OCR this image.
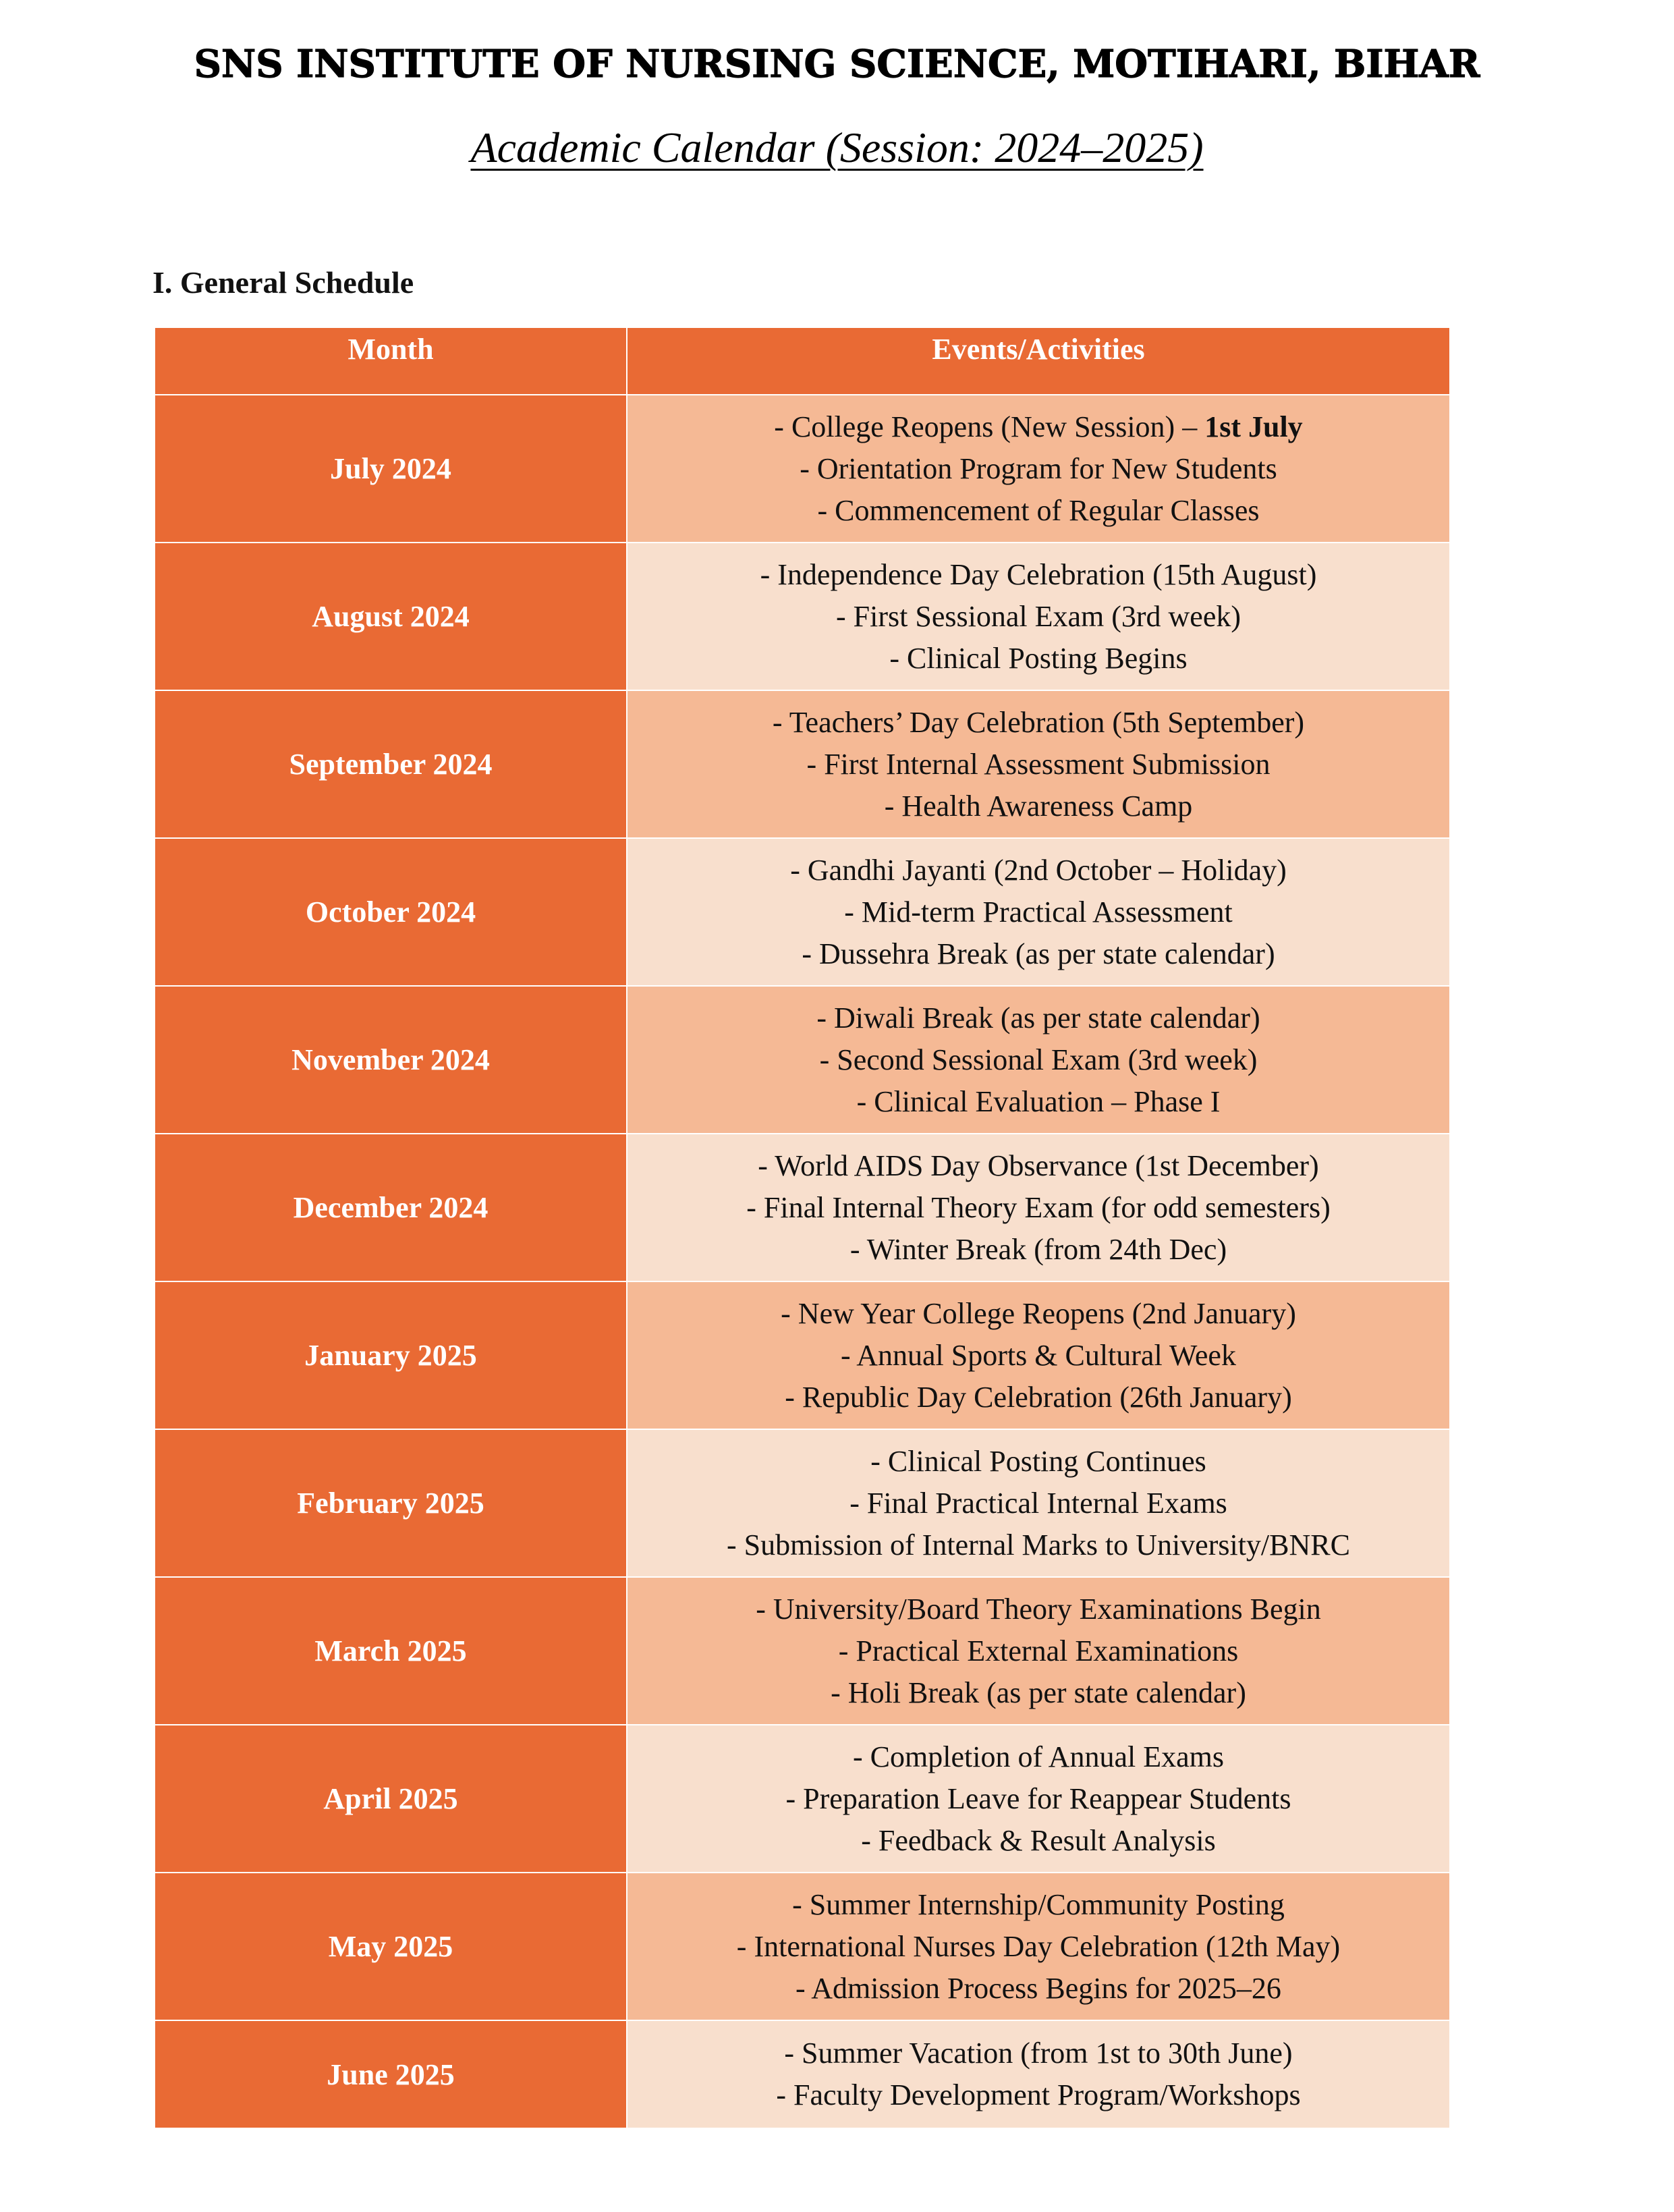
SNS INSTITUTE OF NURSING SCIENCE, MOTIHARI, BIHAR
Academic Calendar (Session: 2024–2025)
I. General Schedule
Month	Events/Activities
July 2024	- College Reopens (New Session) – 1st July
- Orientation Program for New Students
- Commencement of Regular Classes

August 2024	- Independence Day Celebration (15th August)
- First Sessional Exam (3rd week)
- Clinical Posting Begins

September 2024	- Teachers’ Day Celebration (5th September)
- First Internal Assessment Submission
- Health Awareness Camp

October 2024	- Gandhi Jayanti (2nd October – Holiday)
- Mid-term Practical Assessment
- Dussehra Break (as per state calendar)

November 2024	- Diwali Break (as per state calendar)
- Second Sessional Exam (3rd week)
- Clinical Evaluation – Phase I

December 2024	- World AIDS Day Observance (1st December)
- Final Internal Theory Exam (for odd semesters)
- Winter Break (from 24th Dec)

January 2025	- New Year College Reopens (2nd January)
- Annual Sports & Cultural Week
- Republic Day Celebration (26th January)

February 2025	- Clinical Posting Continues
- Final Practical Internal Exams
- Submission of Internal Marks to University/BNRC

March 2025	- University/Board Theory Examinations Begin
- Practical External Examinations
- Holi Break (as per state calendar)

April 2025	- Completion of Annual Exams
- Preparation Leave for Reappear Students
- Feedback & Result Analysis

May 2025	- Summer Internship/Community Posting
- International Nurses Day Celebration (12th May)
- Admission Process Begins for 2025–26

June 2025	- Summer Vacation (from 1st to 30th June)
- Faculty Development Program/Workshops
